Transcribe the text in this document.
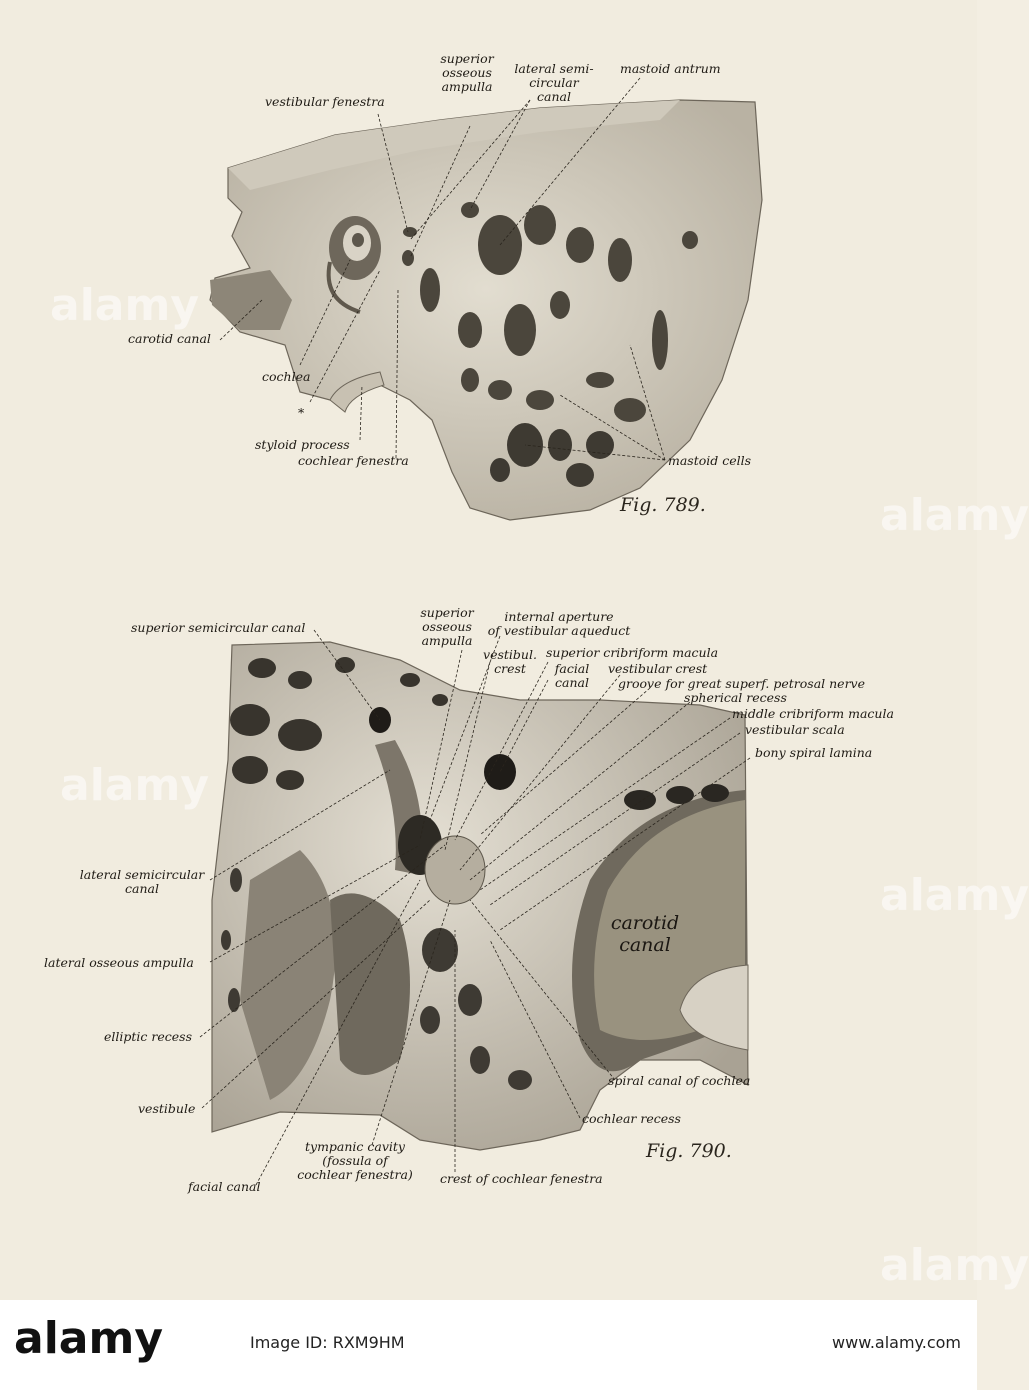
superior
osseous
ampulla
lateral semi-
circular
canal
mastoid antrum
vestibular fenestra
carotid canal
cochlea
*
styloid process
cochlear fenestra	mastoid cells
Fig. 789.
superior semicircular canal
superior
osseous
ampulla
internal aperture
of vestibular aqueduct
vestibul.
crest
superior cribriform macula
facial
canal
vestibular crest
groove for great superf. petrosal nerve
spherical recess
middle cribriform macula
vestibular scala
bony spiral lamina
lateral semicircular
canal
carotid
canal
lateral osseous ampulla
elliptic recess
vestibule
spiral canal of cochlea
cochlear recess
Fig. 790.
facial canal
tympanic cavity
(fossula of
cochlear fenestra)	crest of cochlear fenestra
alamy
alamy
alamy
alamy
alamy
alamy	Image ID: RXM9HM	www.alamy.com
